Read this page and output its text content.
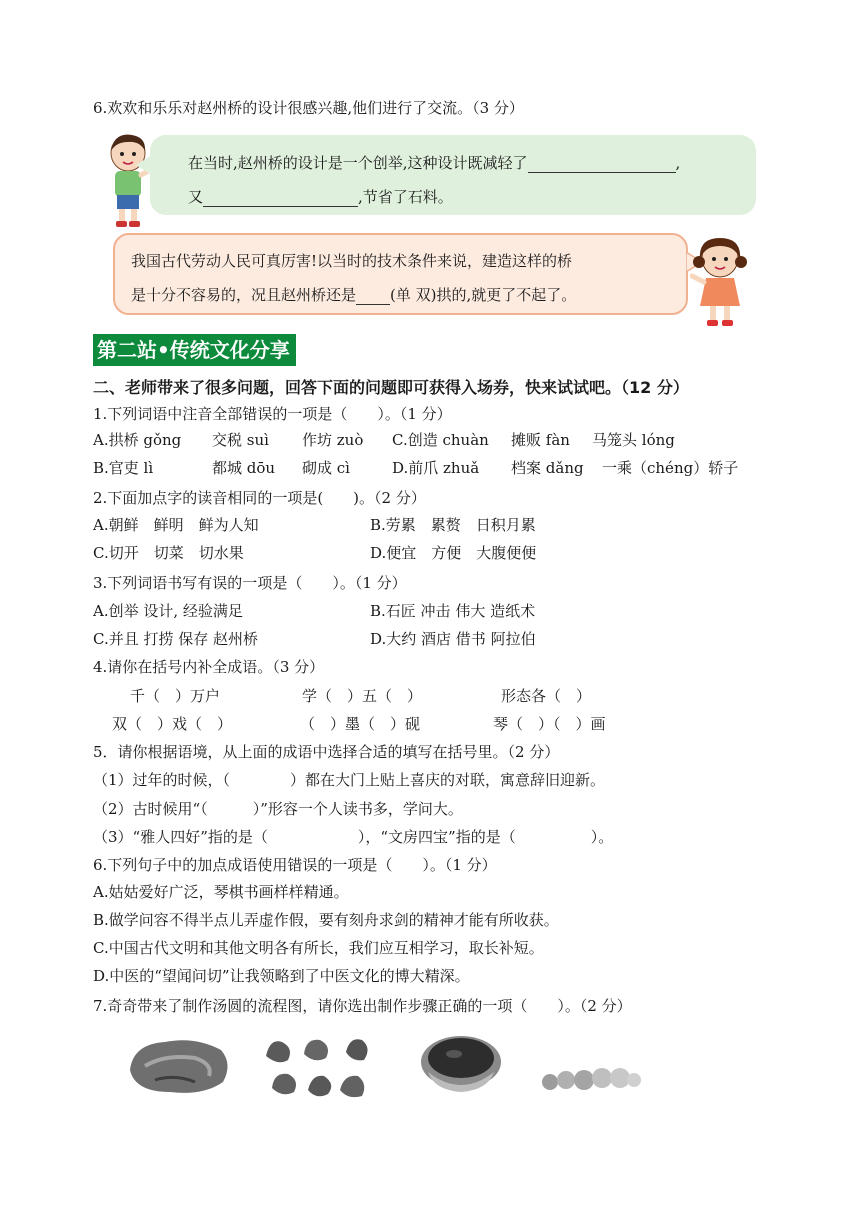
6.欢欢和乐乐对赵州桥的设计很感兴趣,他们进行了交流。（3 分）
在当时,赵州桥的设计是一个创举,这种设计既减轻了	,
又	,节省了石料。
我国古代劳动人民可真厉害!以当时的技术条件来说，建造这样的桥
是十分不容易的，况且赵州桥还是 (单 双)拱的,就更了不起了。
第二站•传统文化分享
二、老师带来了很多问题，回答下面的问题即可获得入场券，快来试试吧。（12 分）
1.下列词语中注音全部错误的一项是（　　）。（1 分）
A.拱桥 gǒng 交税 suì 作坊 zuò C.创造 chuàn 摊贩 fàn 马笼头 lóng
B.官吏 lì	都城 dōu 砌成 cì	D.前爪 zhuǎ 档案 dǎng 一乘（chéng）轿子
2.下面加点字的读音相同的一项是(　　)。（2 分）
A.朝鲜　鲜明　鲜为人知	B.劳累　累赘　日积月累
C.切开　切菜　切水果	D.便宜　方便　大腹便便
3.下列词语书写有误的一项是（　　）。（1 分）
A.创举 设计, 经验满足	B.石匠 冲击 伟大 造纸术
C.并且 打捞 保存 赵州桥	D.大约 酒店 借书 阿拉伯
4.请你在括号内补全成语。（3 分）
千（　）万户	学（　）五（　）	形态各（　）
双（　）戏（　）	（　）墨（　）砚	琴（　）（　）画
5．请你根据语境，从上面的成语中选择合适的填写在括号里。（2 分）
（1）过年的时候，（　　　　）都在大门上贴上喜庆的对联，寓意辞旧迎新。
（2）古时候用“（　　　）”形容一个人读书多，学问大。
（3）“雅人四好”指的是（　　　　　　），“文房四宝”指的是（　　　　　）。
6.下列句子中的加点成语使用错误的一项是（　　）。（1 分）
A.姑姑爱好广泛，琴棋书画样样精通。
B.做学问容不得半点儿弄虚作假，要有刻舟求剑的精神才能有所收获。
C.中国古代文明和其他文明各有所长，我们应互相学习，取长补短。
D.中医的“望闻问切”让我领略到了中医文化的博大精深。
7.奇奇带来了制作汤圆的流程图，请你选出制作步骤正确的一项（　　）。（2 分）
